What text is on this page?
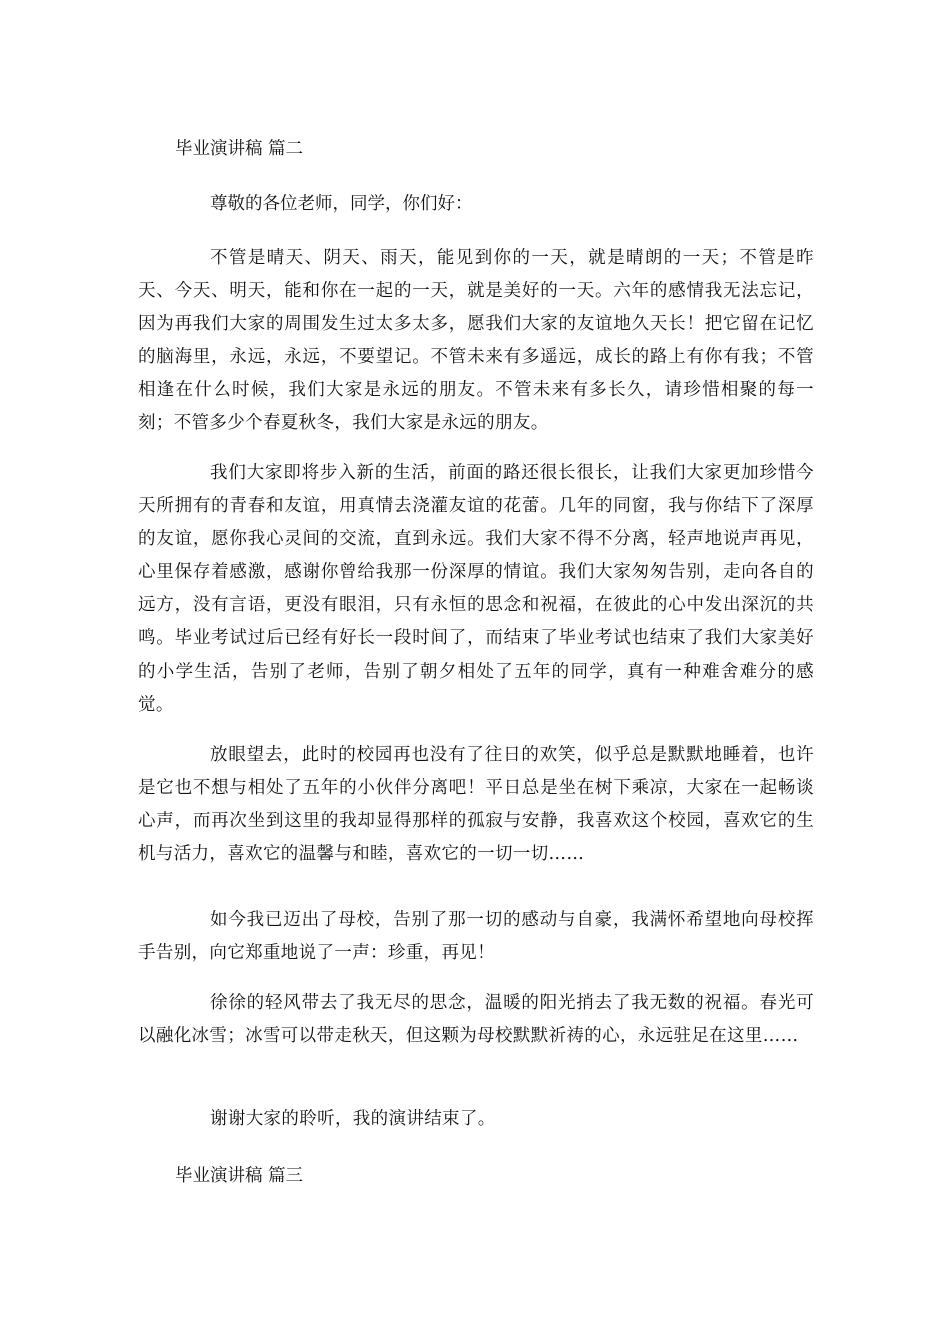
毕业演讲稿 篇二

尊敬的各位老师，同学，你们好：

不管是晴天、阴天、雨天，能见到你的一天，就是晴朗的一天；不管是昨天、今天、明天，能和你在一起的一天，就是美好的一天。六年的感情我无法忘记，因为再我们大家的周围发生过太多太多，愿我们大家的友谊地久天长！把它留在记忆的脑海里，永远，永远，不要望记。不管未来有多遥远，成长的路上有你有我；不管相逢在什么时候，我们大家是永远的朋友。不管未来有多长久，请珍惜相聚的每一刻；不管多少个春夏秋冬，我们大家是永远的朋友。

我们大家即将步入新的生活，前面的路还很长很长，让我们大家更加珍惜今天所拥有的青春和友谊，用真情去浇灌友谊的花蕾。几年的同窗，我与你结下了深厚的友谊，愿你我心灵间的交流，直到永远。我们大家不得不分离，轻声地说声再见，心里保存着感激，感谢你曾给我那一份深厚的情谊。我们大家匆匆告别，走向各自的远方，没有言语，更没有眼泪，只有永恒的思念和祝福，在彼此的心中发出深沉的共鸣。毕业考试过后已经有好长一段时间了，而结束了毕业考试也结束了我们大家美好的小学生活，告别了老师，告别了朝夕相处了五年的同学，真有一种难舍难分的感觉。

放眼望去，此时的校园再也没有了往日的欢笑，似乎总是默默地睡着，也许是它也不想与相处了五年的小伙伴分离吧！平日总是坐在树下乘凉，大家在一起畅谈心声，而再次坐到这里的我却显得那样的孤寂与安静，我喜欢这个校园，喜欢它的生机与活力，喜欢它的温馨与和睦，喜欢它的一切一切……

如今我已迈出了母校，告别了那一切的感动与自豪，我满怀希望地向母校挥手告别，向它郑重地说了一声：珍重，再见！

徐徐的轻风带去了我无尽的思念，温暖的阳光捎去了我无数的祝福。春光可以融化冰雪；冰雪可以带走秋天，但这颗为母校默默祈祷的心，永远驻足在这里……

谢谢大家的聆听，我的演讲结束了。

毕业演讲稿 篇三
